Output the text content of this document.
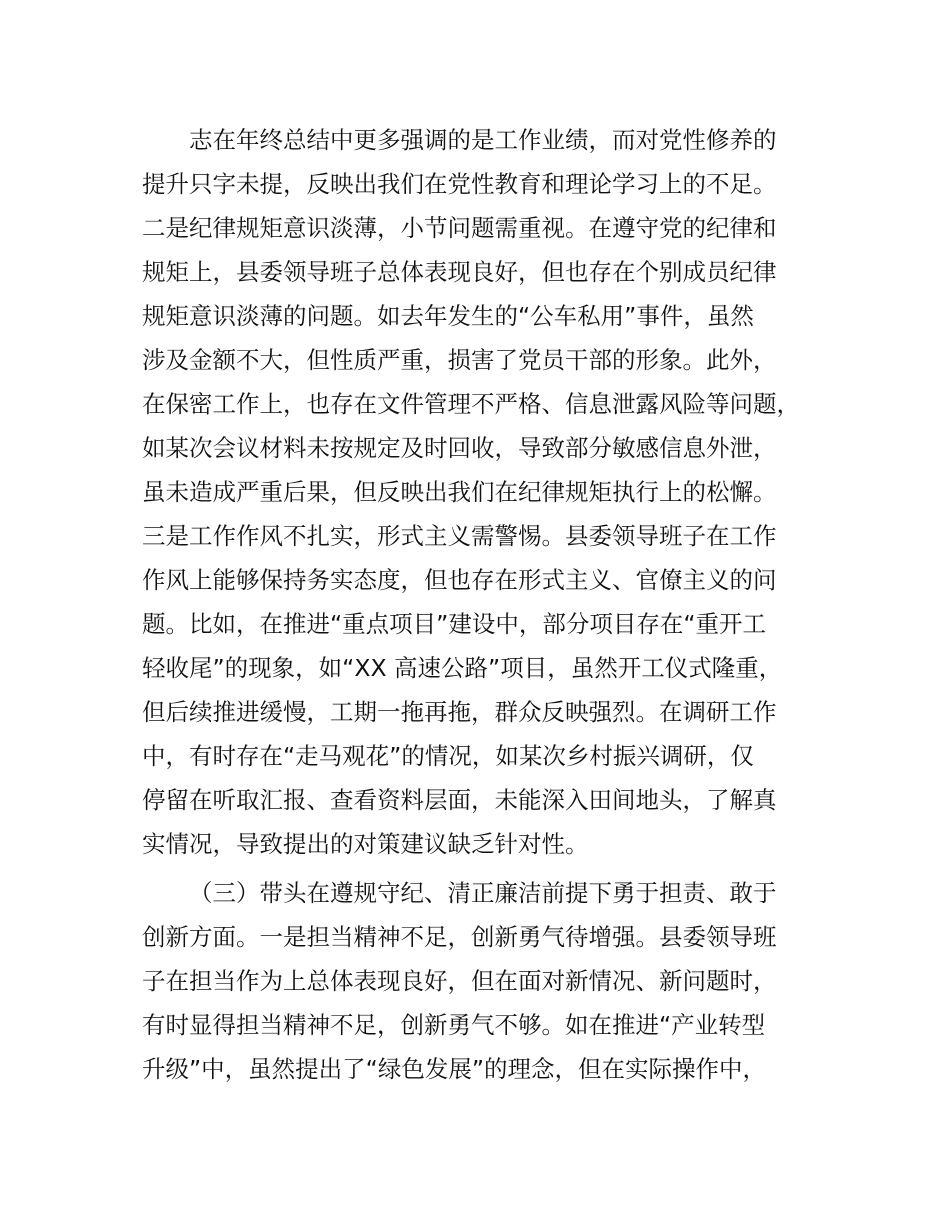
志在年终总结中更多强调的是工作业绩，而对党性修养的
提升只字未提，反映出我们在党性教育和理论学习上的不足。
二是纪律规矩意识淡薄，小节问题需重视。在遵守党的纪律和
规矩上，县委领导班子总体表现良好，但也存在个别成员纪律
规矩意识淡薄的问题。如去年发生的“公车私用”事件，虽然
涉及金额不大，但性质严重，损害了党员干部的形象。此外，
在保密工作上，也存在文件管理不严格、信息泄露风险等问题，
如某次会议材料未按规定及时回收，导致部分敏感信息外泄，
虽未造成严重后果，但反映出我们在纪律规矩执行上的松懈。
三是工作作风不扎实，形式主义需警惕。县委领导班子在工作
作风上能够保持务实态度，但也存在形式主义、官僚主义的问
题。比如，在推进“重点项目”建设中，部分项目存在“重开工
轻收尾”的现象，如“XX 高速公路”项目，虽然开工仪式隆重，
但后续推进缓慢，工期一拖再拖，群众反映强烈。在调研工作
中，有时存在“走马观花”的情况，如某次乡村振兴调研，仅
停留在听取汇报、查看资料层面，未能深入田间地头，了解真
实情况，导致提出的对策建议缺乏针对性。
（三）带头在遵规守纪、清正廉洁前提下勇于担责、敢于
创新方面。一是担当精神不足，创新勇气待增强。县委领导班
子在担当作为上总体表现良好，但在面对新情况、新问题时，
有时显得担当精神不足，创新勇气不够。如在推进“产业转型
升级”中，虽然提出了“绿色发展”的理念，但在实际操作中，
